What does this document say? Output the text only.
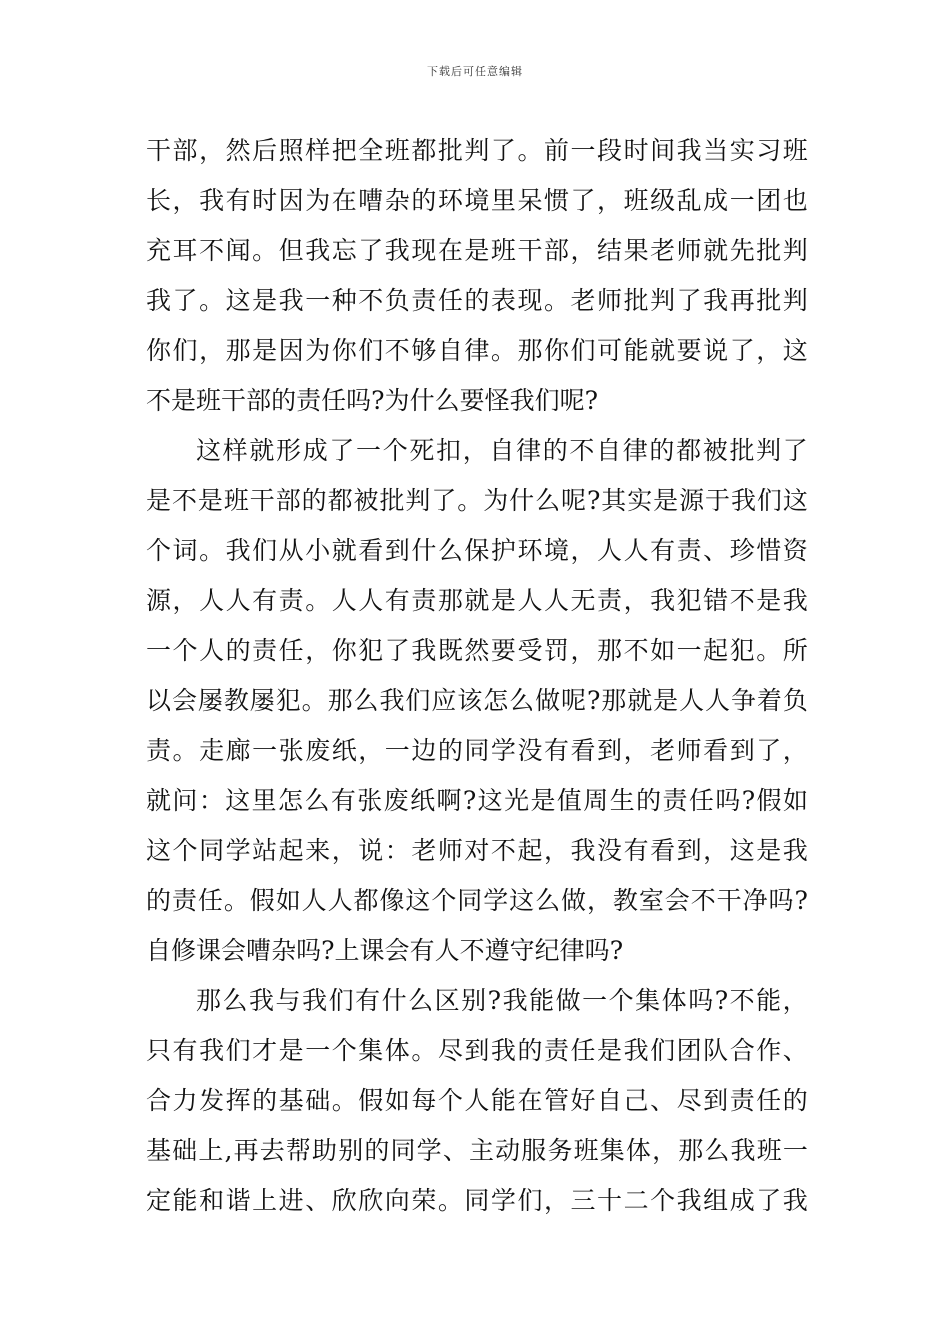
下载后可任意编辑
干 部 ， 然 后 照 样 把 全 班 都 批 判 了 。 前 一 段 时 间 我 当 实 习 班
长 ， 我 有 时 因 为 在 嘈 杂 的 环 境 里 呆 惯 了 ， 班 级 乱 成 一 团 也
充 耳 不 闻 。 但 我 忘 了 我 现 在 是 班 干 部 ， 结 果 老 师 就 先 批 判
我 了 。 这 是 我 一 种 不 负 责 任 的 表 现 。 老 师 批 判 了 我 再 批 判
你 们 ， 那 是 因 为 你 们 不 够 自 律 。 那 你 们 可 能 就 要 说 了 ， 这
不 是 班 干 部 的 责 任 吗 ? 为 什 么 要 怪 我 们 呢 ?
这 样 就 形 成 了 一 个 死 扣 ， 自 律 的 不 自 律 的 都 被 批 判 了
是 不 是 班 干 部 的 都 被 批 判 了 。 为 什 么 呢 ? 其 实 是 源 于 我 们 这
个 词 。 我 们 从 小 就 看 到 什 么 保 护 环 境 ， 人 人 有 责 、 珍 惜 资
源 ， 人 人 有 责 。 人 人 有 责 那 就 是 人 人 无 责 ， 我 犯 错 不 是 我
一 个 人 的 责 任 ， 你 犯 了 我 既 然 要 受 罚 ， 那 不 如 一 起 犯 。 所
以 会 屡 教 屡 犯 。 那 么 我 们 应 该 怎 么 做 呢 ? 那 就 是 人 人 争 着 负
责 。 走 廊 一 张 废 纸 ， 一 边 的 同 学 没 有 看 到 ， 老 师 看 到 了 ，
就 问 ： 这 里 怎 么 有 张 废 纸 啊 ? 这 光 是 值 周 生 的 责 任 吗 ? 假 如
这 个 同 学 站 起 来 ， 说 ： 老 师 对 不 起 ， 我 没 有 看 到 ， 这 是 我
的 责 任 。 假 如 人 人 都 像 这 个 同 学 这 么 做 ， 教 室 会 不 干 净 吗 ?
自 修 课 会 嘈 杂 吗 ? 上 课 会 有 人 不 遵 守 纪 律 吗 ?
那 么 我 与 我 们 有 什 么 区 别 ? 我 能 做 一 个 集 体 吗 ? 不 能 ，
只 有 我 们 才 是 一 个 集 体 。 尽 到 我 的 责 任 是 我 们 团 队 合 作 、
合 力 发 挥 的 基 础 。 假 如 每 个 人 能 在 管 好 自 己 、 尽 到 责 任 的
基 础 上 , 再 去 帮 助 别 的 同 学 、 主 动 服 务 班 集 体 ， 那 么 我 班 一
定 能 和 谐 上 进 、 欣 欣 向 荣 。 同 学 们 ， 三 十 二 个 我 组 成 了 我
